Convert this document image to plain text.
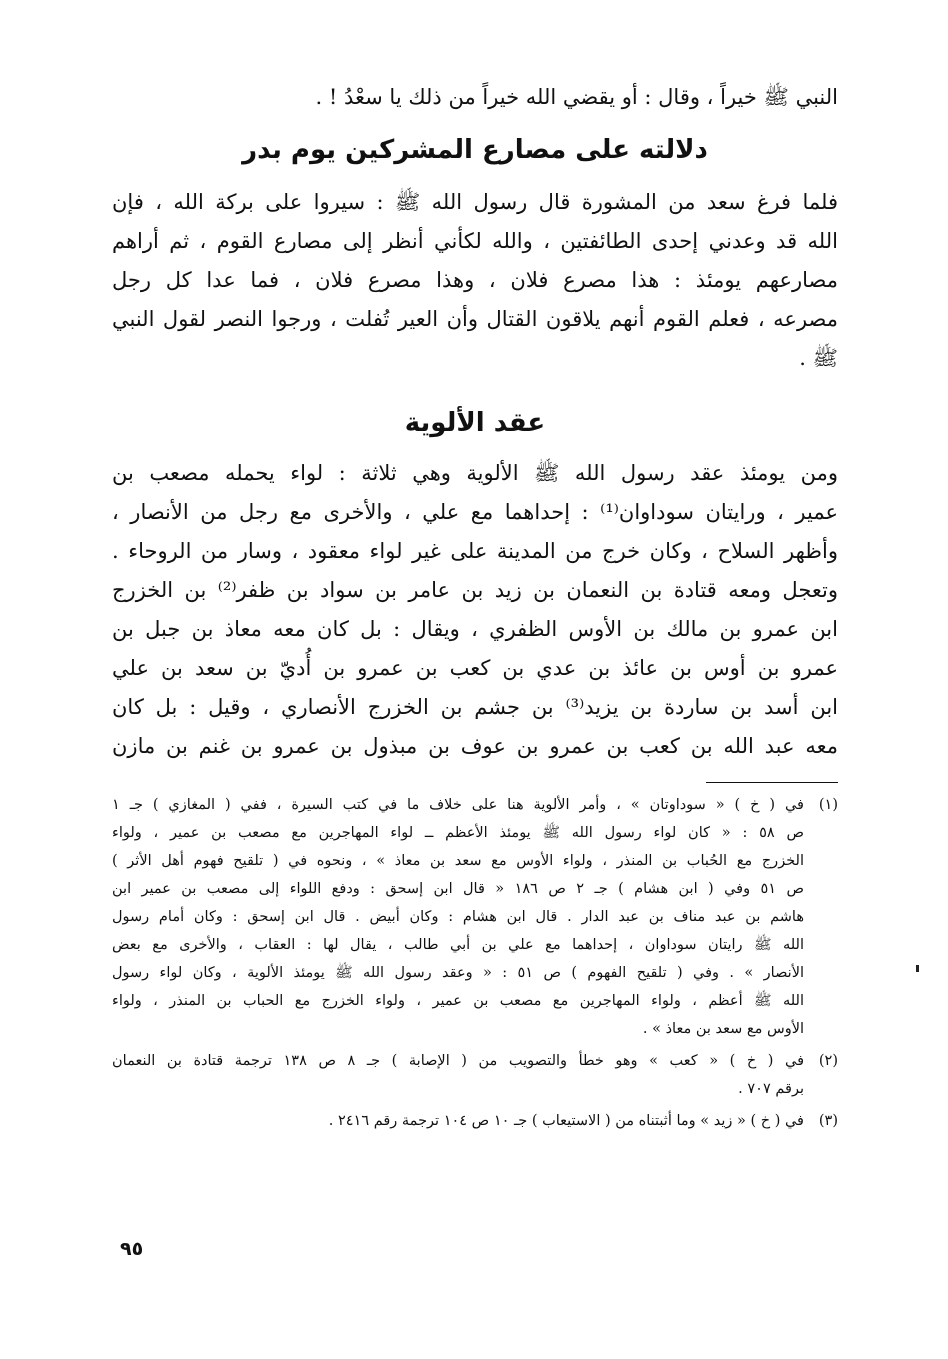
النبي ﷺ خيراً ، وقال : أو يقضي الله خيراً من ذلك يا سعْدُ ! .
دلالته على مصارع المشركين يوم بدر
فلما فرغ سعد من المشورة قال رسول الله ﷺ : سيروا على بركة الله ، فإن
الله قد وعدني إحدى الطائفتين ، والله لكأني أنظر إلى مصارع القوم ، ثم أراهم
مصارعهم يومئذ : هذا مصرع فلان ، وهذا مصرع فلان ، فما عدا كل رجل
مصرعه ، فعلم القوم أنهم يلاقون القتال وأن العير تُفلت ، ورجوا النصر لقول النبي
ﷺ .
عقد الألوية
ومن يومئذ عقد رسول الله ﷺ الألوية وهي ثلاثة : لواء يحمله مصعب بن
عمير ، ورايتان سوداوان⁽¹⁾ : إحداهما مع علي ، والأخرى مع رجل من الأنصار ،
وأظهر السلاح ، وكان خرج من المدينة على غير لواء معقود ، وسار من الروحاء .
وتعجل ومعه قتادة بن النعمان بن زيد بن عامر بن سواد بن ظفر⁽²⁾ بن الخزرج
ابن عمرو بن مالك بن الأوس الظفري ، ويقال : بل كان معه معاذ بن جبل بن
عمرو بن أوس بن عائذ بن عدي بن كعب بن عمرو بن أُديّ بن سعد بن علي
ابن أسد بن ساردة بن يزيد⁽³⁾ بن جشم بن الخزرج الأنصاري ، وقيل : بل كان
معه عبد الله بن كعب بن عمرو بن عوف بن مبذول بن عمرو بن غنم بن مازن
(١)
في ( خ ) « سوداوتان » ، وأمر الألوية هنا على خلاف ما في كتب السيرة ، ففي ( المغازي ) جـ ١
ص ٥٨ : « كان لواء رسول الله ﷺ يومئذ الأعظم ــ لواء المهاجرين مع مصعب بن عمير ، ولواء
الخزرج مع الحُباب بن المنذر ، ولواء الأوس مع سعد بن معاذ » ، ونحوه في ( تلقيح فهوم أهل الأثر )
ص ٥١ وفي ( ابن هشام ) جـ ٢ ص ١٨٦ « قال ابن إسحق : ودفع اللواء إلى مصعب بن عمير ابن
هاشم بن عبد مناف بن عبد الدار . قال ابن هشام : وكان أبيض . قال ابن إسحق : وكان أمام رسول
الله ﷺ رايتان سوداوان ، إحداهما مع علي بن أبي طالب ، يقال لها : العقاب ، والأخرى مع بعض
الأنصار » . وفي ( تلقيح الفهوم ) ص ٥١ : « وعقد رسول الله ﷺ يومئذ الألوية ، وكان لواء رسول
الله ﷺ أعظم ، ولواء المهاجرين مع مصعب بن عمير ، ولواء الخزرج مع الحباب بن المنذر ، ولواء
الأوس مع سعد بن معاذ » .
(٢)
في ( خ ) « كعب » وهو خطأ والتصويب من ( الإصابة ) جـ ٨ ص ١٣٨ ترجمة قتادة بن النعمان
برقم ٧٠٧ .
(٣)
في ( خ ) « زيد » وما أثبتناه من ( الاستيعاب ) جـ ١٠ ص ١٠٤ ترجمة رقم ٢٤١٦ .
٩٥
